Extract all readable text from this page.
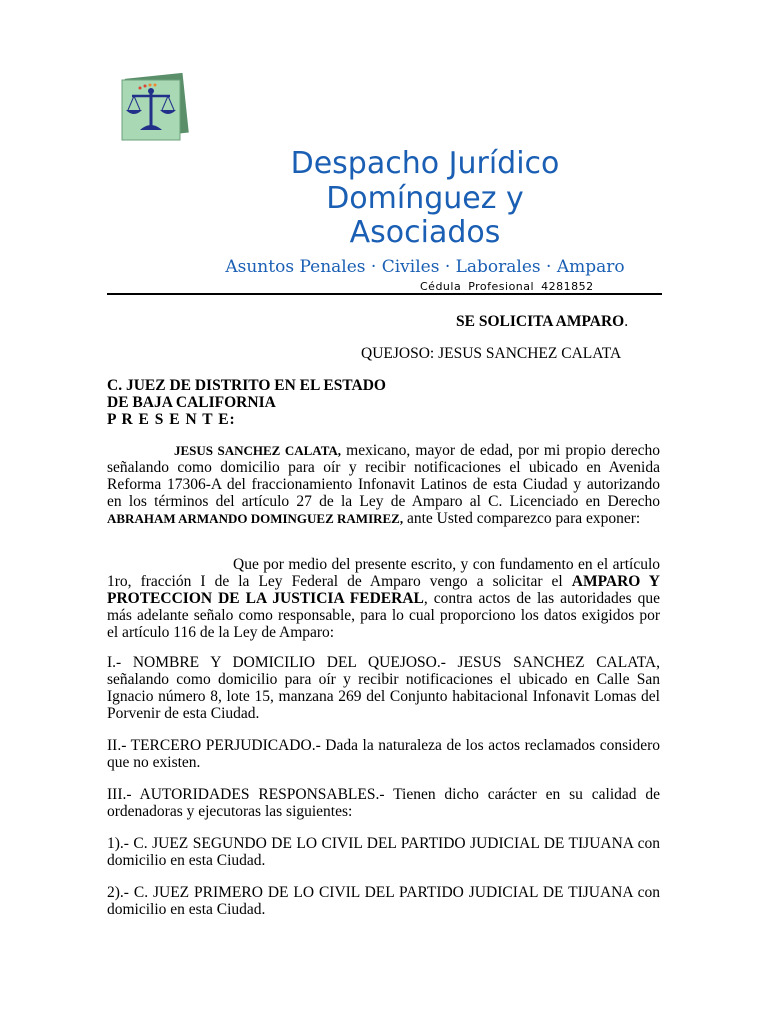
Despacho Jurídico
Domínguez y
Asociados
Asuntos Penales · Civiles · Laborales · Amparo
Cédula Profesional 4281852
SE SOLICITA AMPARO.
QUEJOSO: JESUS SANCHEZ CALATA
C. JUEZ DE DISTRITO EN EL ESTADO
DE BAJA CALIFORNIA
P R E S E N T E:
JESUS SANCHEZ CALATA, mexicano, mayor de edad, por mi propio derecho señalando como domicilio para oír y recibir notificaciones el ubicado en Avenida Reforma 17306-A del fraccionamiento Infonavit Latinos de esta Ciudad y autorizando en los términos del artículo 27 de la Ley de Amparo al C. Licenciado en Derecho ABRAHAM ARMANDO DOMINGUEZ RAMIREZ, ante Usted comparezco para exponer:
Que por medio del presente escrito, y con fundamento en el artículo 1ro, fracción I de la Ley Federal de Amparo vengo a solicitar el AMPARO Y PROTECCION DE LA JUSTICIA FEDERAL, contra actos de las autoridades que más adelante señalo como responsable, para lo cual proporciono los datos exigidos por el artículo 116 de la Ley de Amparo:
I.- NOMBRE Y DOMICILIO DEL QUEJOSO.- JESUS SANCHEZ CALATA, señalando como domicilio para oír y recibir notificaciones el ubicado en Calle San Ignacio número 8, lote 15, manzana 269 del Conjunto habitacional Infonavit Lomas del Porvenir de esta Ciudad.
II.- TERCERO PERJUDICADO.- Dada la naturaleza de los actos reclamados considero que no existen.
III.- AUTORIDADES RESPONSABLES.- Tienen dicho carácter en su calidad de ordenadoras y ejecutoras las siguientes:
1).- C. JUEZ SEGUNDO DE LO CIVIL DEL PARTIDO JUDICIAL DE TIJUANA con domicilio en esta Ciudad.
2).- C. JUEZ PRIMERO DE LO CIVIL DEL PARTIDO JUDICIAL DE TIJUANA con domicilio en esta Ciudad.
